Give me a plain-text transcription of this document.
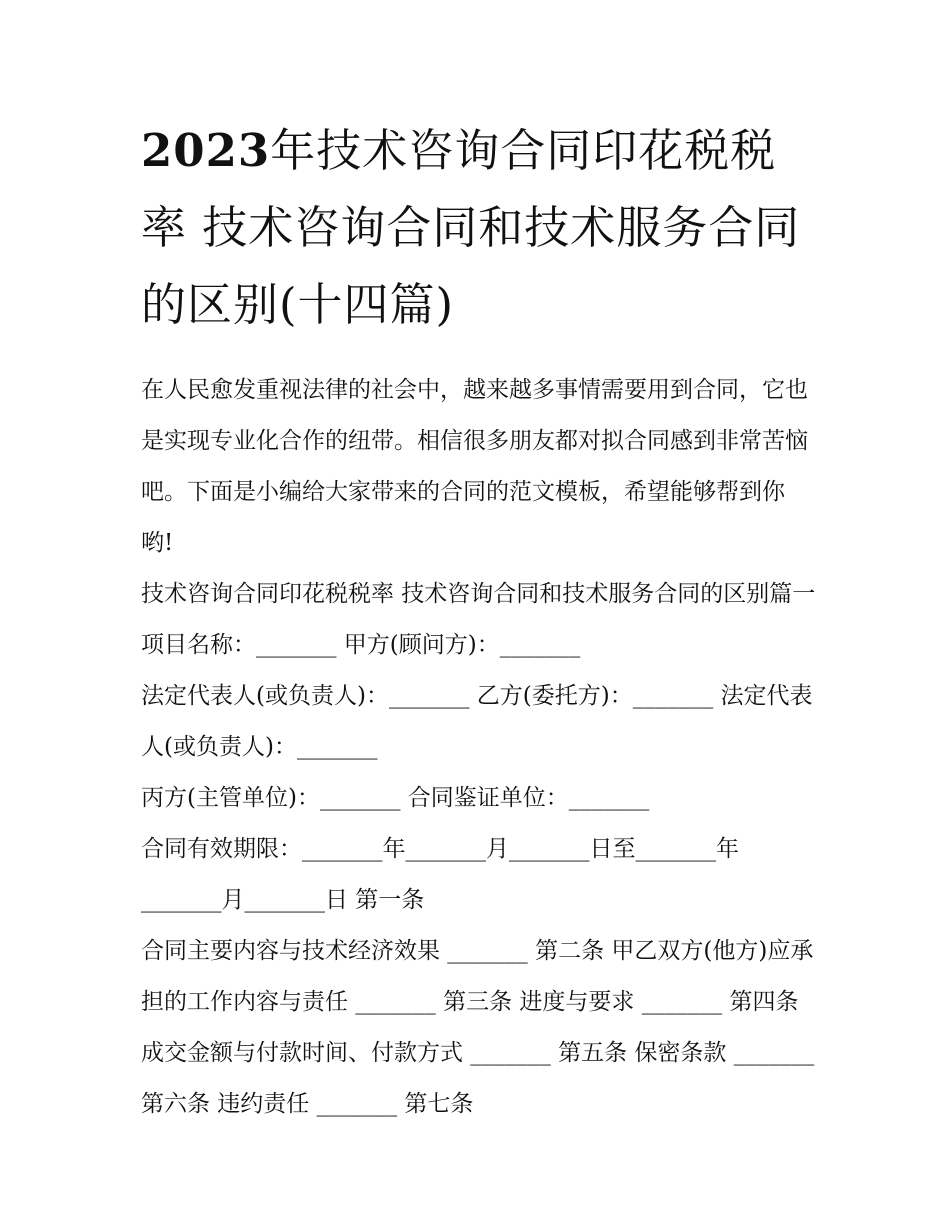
2023年技术咨询合同印花税税率 技术咨询合同和技术服务合同的区别(十四篇)

在人民愈发重视法律的社会中，越来越多事情需要用到合同，它也是实现专业化合作的纽带。相信很多朋友都对拟合同感到非常苦恼吧。下面是小编给大家带来的合同的范文模板，希望能够帮到你哟!

技术咨询合同印花税税率 技术咨询合同和技术服务合同的区别篇一 项目名称：_______ 甲方(顾问方)：_______

法定代表人(或负责人)：_______ 乙方(委托方)：_______ 法定代表人(或负责人)：_______

丙方(主管单位)：_______ 合同鉴证单位：_______

合同有效期限：_______年_______月_______日至_______年_______月_______日 第一条

合同主要内容与技术经济效果 _______ 第二条 甲乙双方(他方)应承担的工作内容与责任 _______ 第三条 进度与要求 _______ 第四条 成交金额与付款时间、付款方式 _______ 第五条 保密条款 _______ 第六条 违约责任 _______ 第七条
